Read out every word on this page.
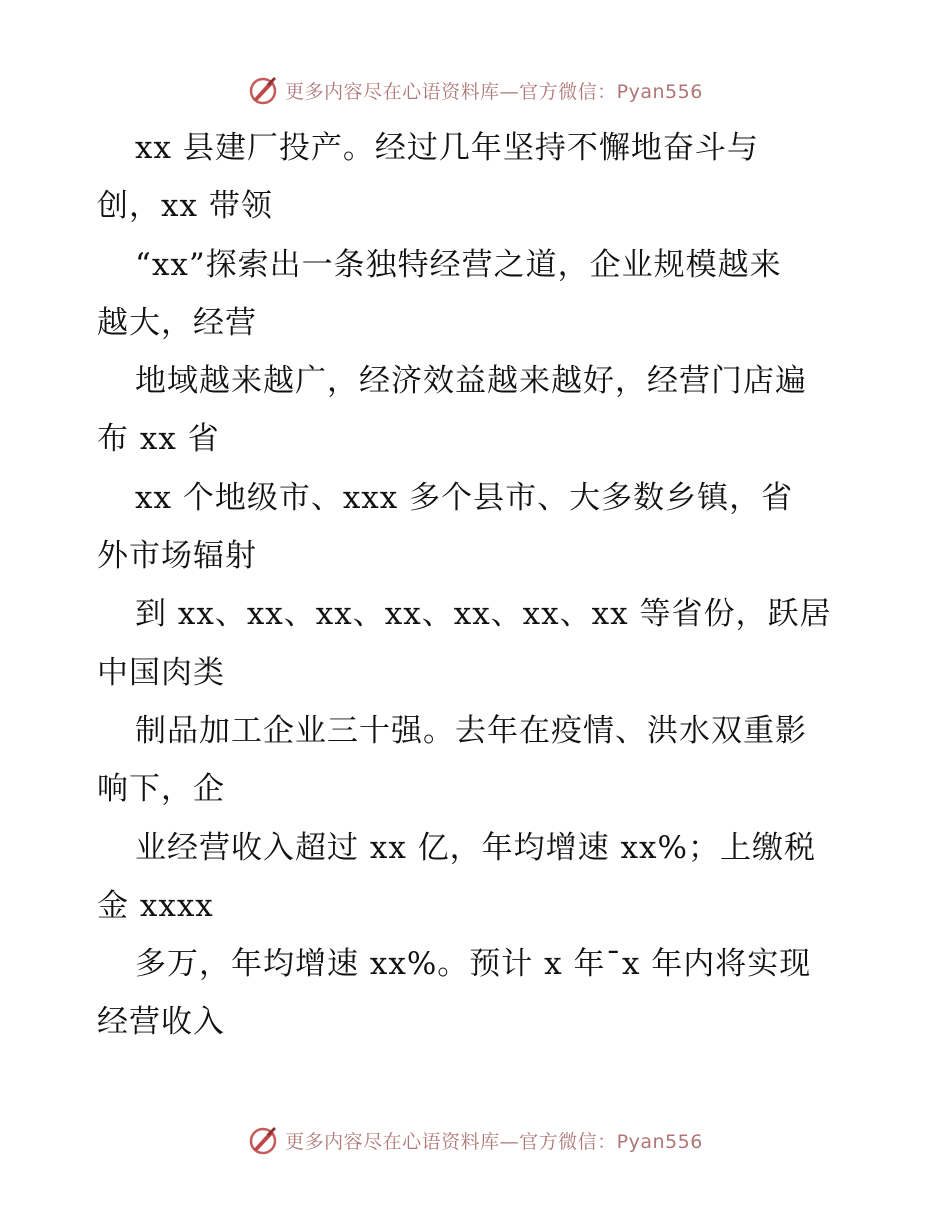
更多内容尽在心语资料库—官方微信：Pyan556
xx 县建厂投产。经过几年坚持不懈地奋斗与
创，xx 带领
“xx”探索出一条独特经营之道，企业规模越来
越大，经营
地域越来越广，经济效益越来越好，经营门店遍
布 xx 省
xx 个地级市、xxx 多个县市、大多数乡镇，省
外市场辐射
到 xx、xx、xx、xx、xx、xx、xx 等省份，跃居
中国肉类
制品加工企业三十强。去年在疫情、洪水双重影
响下，企
业经营收入超过 xx 亿，年均增速 xx%；上缴税
金 xxxx
多万，年均增速 xx%。预计 x 年¯x 年内将实现
经营收入
更多内容尽在心语资料库—官方微信：Pyan556
